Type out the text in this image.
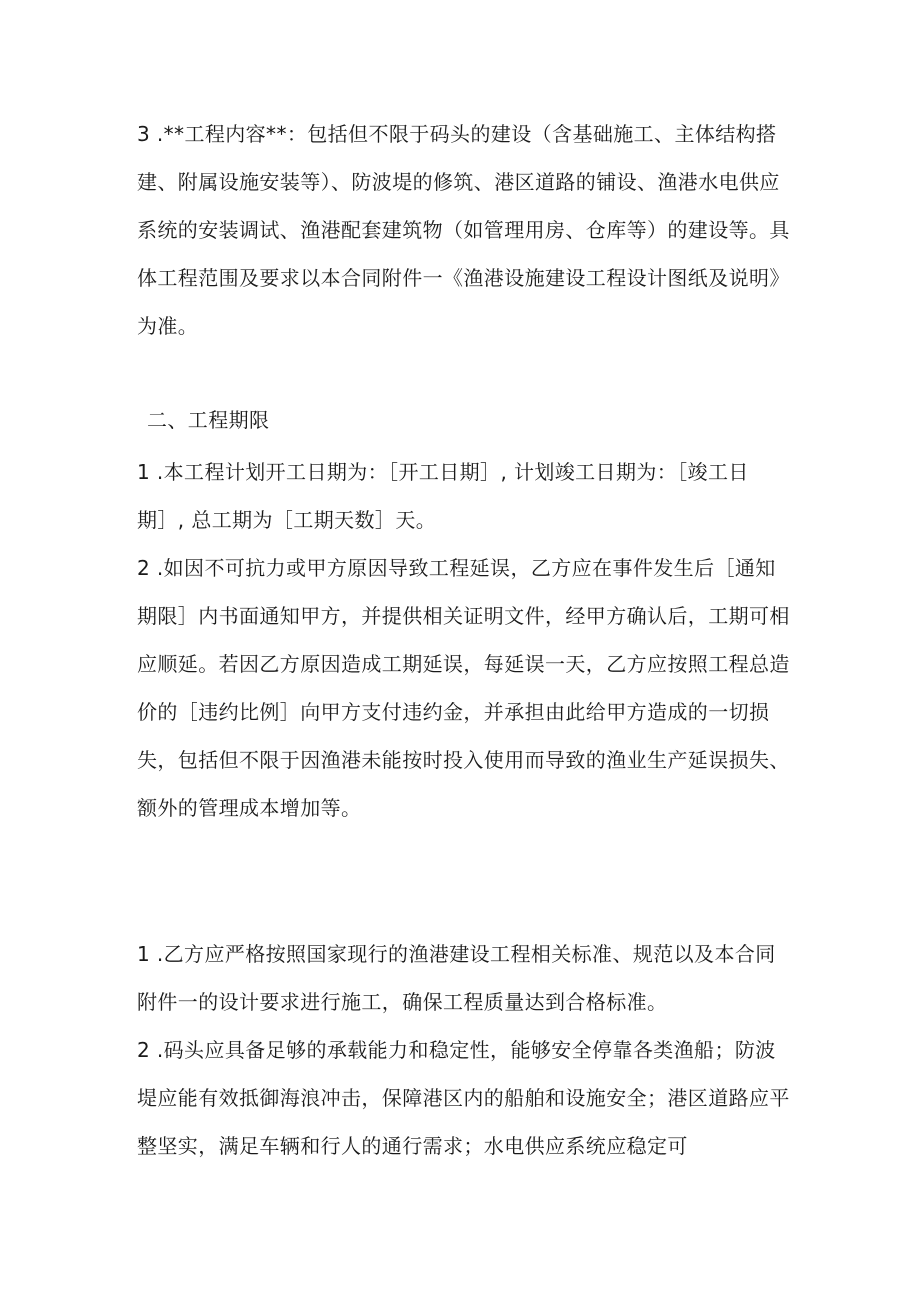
3 .**工程内容**：包括但不限于码头的建设（含基础施工、主体结构搭

建、附属设施安装等）、防波堤的修筑、港区道路的铺设、渔港水电供应

系统的安装调试、渔港配套建筑物（如管理用房、仓库等）的建设等。具

体工程范围及要求以本合同附件一《渔港设施建设工程设计图纸及说明》

为准。

二、工程期限

1 .本工程计划开工日期为：［开工日期］, 计划竣工日期为：［竣工日

期］, 总工期为［工期天数］天。

2 .如因不可抗力或甲方原因导致工程延误，乙方应在事件发生后［通知

期限］内书面通知甲方，并提供相关证明文件，经甲方确认后，工期可相

应顺延。若因乙方原因造成工期延误，每延误一天，乙方应按照工程总造

价的［违约比例］向甲方支付违约金，并承担由此给甲方造成的一切损

失，包括但不限于因渔港未能按时投入使用而导致的渔业生产延误损失、

额外的管理成本增加等。

1 .乙方应严格按照国家现行的渔港建设工程相关标准、规范以及本合同

附件一的设计要求进行施工，确保工程质量达到合格标准。

2 .码头应具备足够的承载能力和稳定性，能够安全停靠各类渔船；防波

堤应能有效抵御海浪冲击，保障港区内的船舶和设施安全；港区道路应平

整坚实，满足车辆和行人的通行需求；水电供应系统应稳定可
